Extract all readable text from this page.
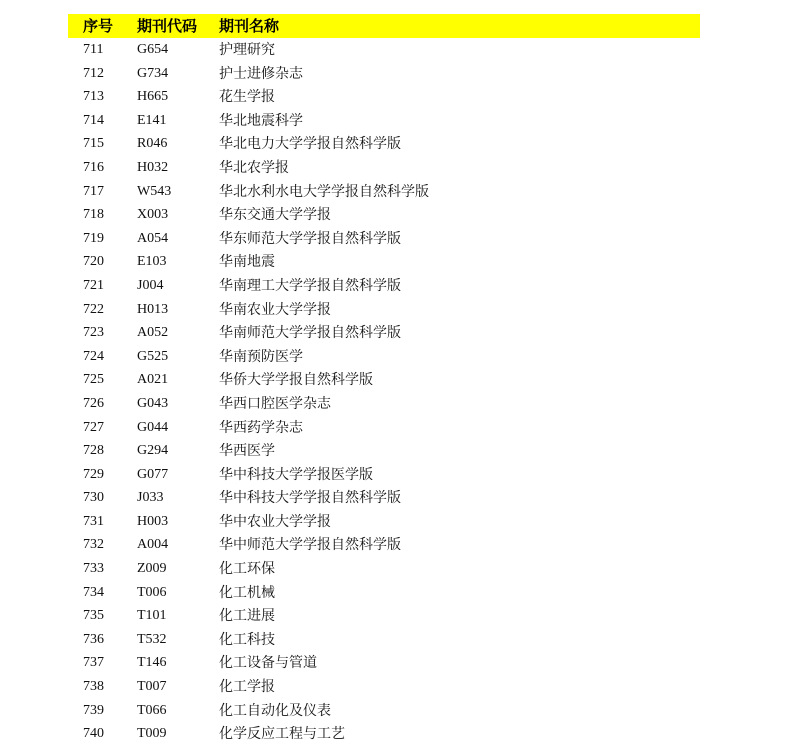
序号 期刊代码 期刊名称
711 G654	护理研究
712 G734	护士进修杂志
713 H665	花生学报
714 E141	华北地震科学
715 R046	华北电力大学学报自然科学版
716 H032	华北农学报
717 W543	华北水利水电大学学报自然科学版
718 X003	华东交通大学学报
719 A054	华东师范大学学报自然科学版
720 E103	华南地震
721 J004	华南理工大学学报自然科学版
722 H013	华南农业大学学报
723 A052	华南师范大学学报自然科学版
724 G525	华南预防医学
725 A021	华侨大学学报自然科学版
726 G043	华西口腔医学杂志
727 G044	华西药学杂志
728 G294	华西医学
729 G077	华中科技大学学报医学版
730 J033	华中科技大学学报自然科学版
731 H003	华中农业大学学报
732 A004	华中师范大学学报自然科学版
733 Z009	化工环保
734 T006	化工机械
735 T101	化工进展
736 T532	化工科技
737 T146	化工设备与管道
738 T007	化工学报
739 T066	化工自动化及仪表
740 T009	化学反应工程与工艺
